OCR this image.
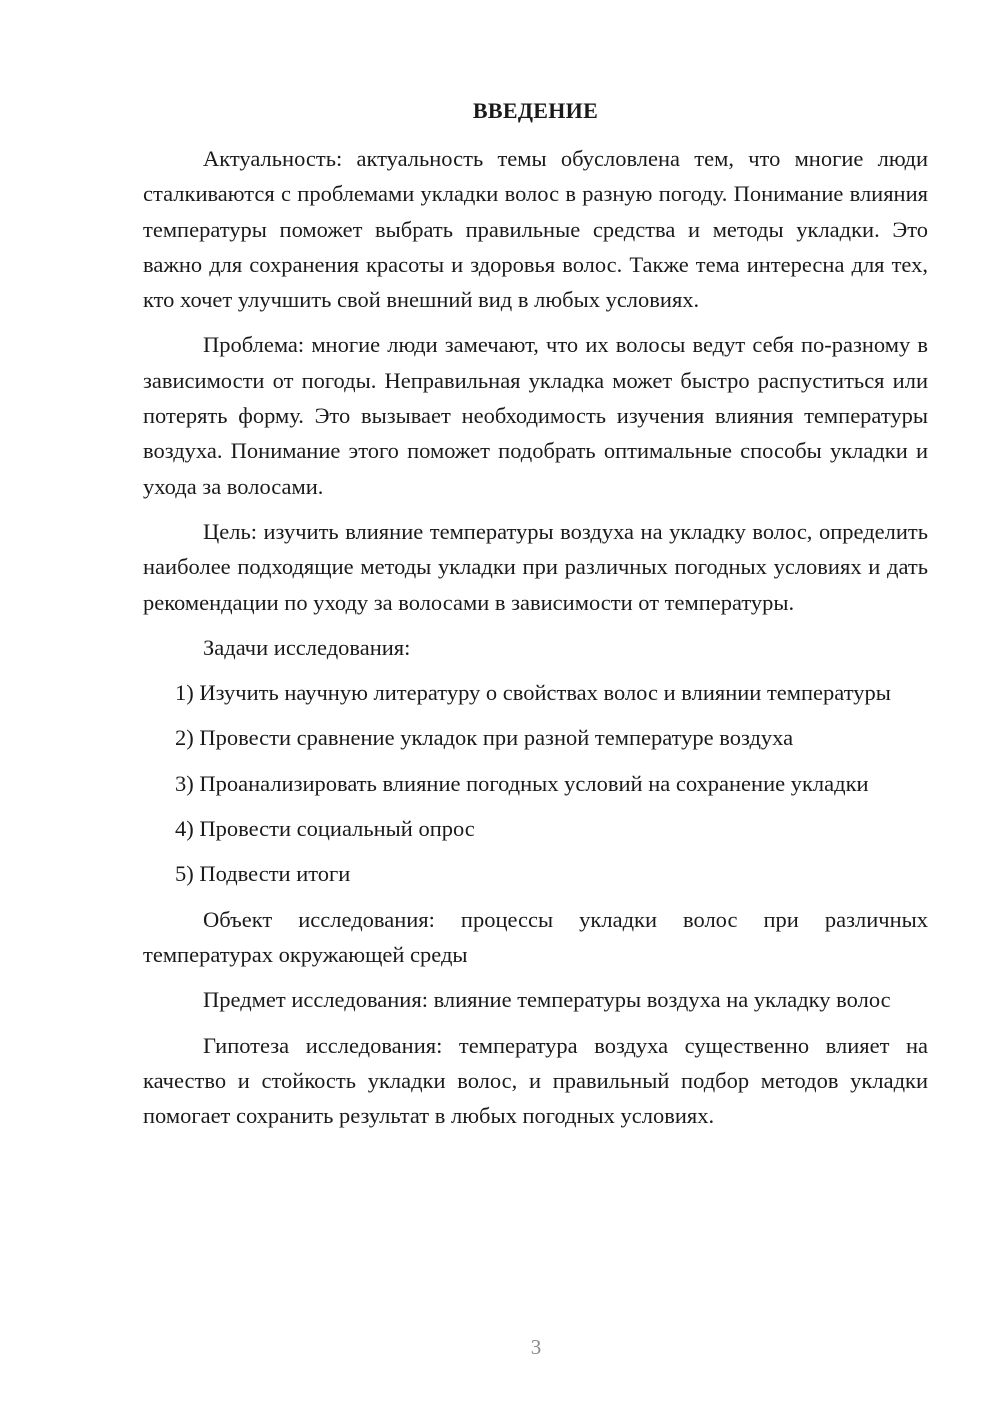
ВВЕДЕНИЕ

Актуальность: актуальность темы обусловлена тем, что многие люди сталкиваются с проблемами укладки волос в разную погоду. Понимание влияния температуры поможет выбрать правильные средства и методы укладки. Это важно для сохранения красоты и здоровья волос. Также тема интересна для тех, кто хочет улучшить свой внешний вид в любых условиях.

Проблема: многие люди замечают, что их волосы ведут себя по-разному в зависимости от погоды. Неправильная укладка может быстро распуститься или потерять форму. Это вызывает необходимость изучения влияния температуры воздуха. Понимание этого поможет подобрать оптимальные способы укладки и ухода за волосами.

Цель: изучить влияние температуры воздуха на укладку волос, определить наиболее подходящие методы укладки при различных погодных условиях и дать рекомендации по уходу за волосами в зависимости от температуры.

Задачи исследования:

1) Изучить научную литературу о свойствах волос и влиянии температуры

2) Провести сравнение укладок при разной температуре воздуха

3) Проанализировать влияние погодных условий на сохранение укладки

4) Провести социальный опрос

5) Подвести итоги

Объект исследования: процессы укладки волос при различных температурах окружающей среды

Предмет исследования: влияние температуры воздуха на укладку волос

Гипотеза исследования: температура воздуха существенно влияет на качество и стойкость укладки волос, и правильный подбор методов укладки помогает сохранить результат в любых погодных условиях.

3
